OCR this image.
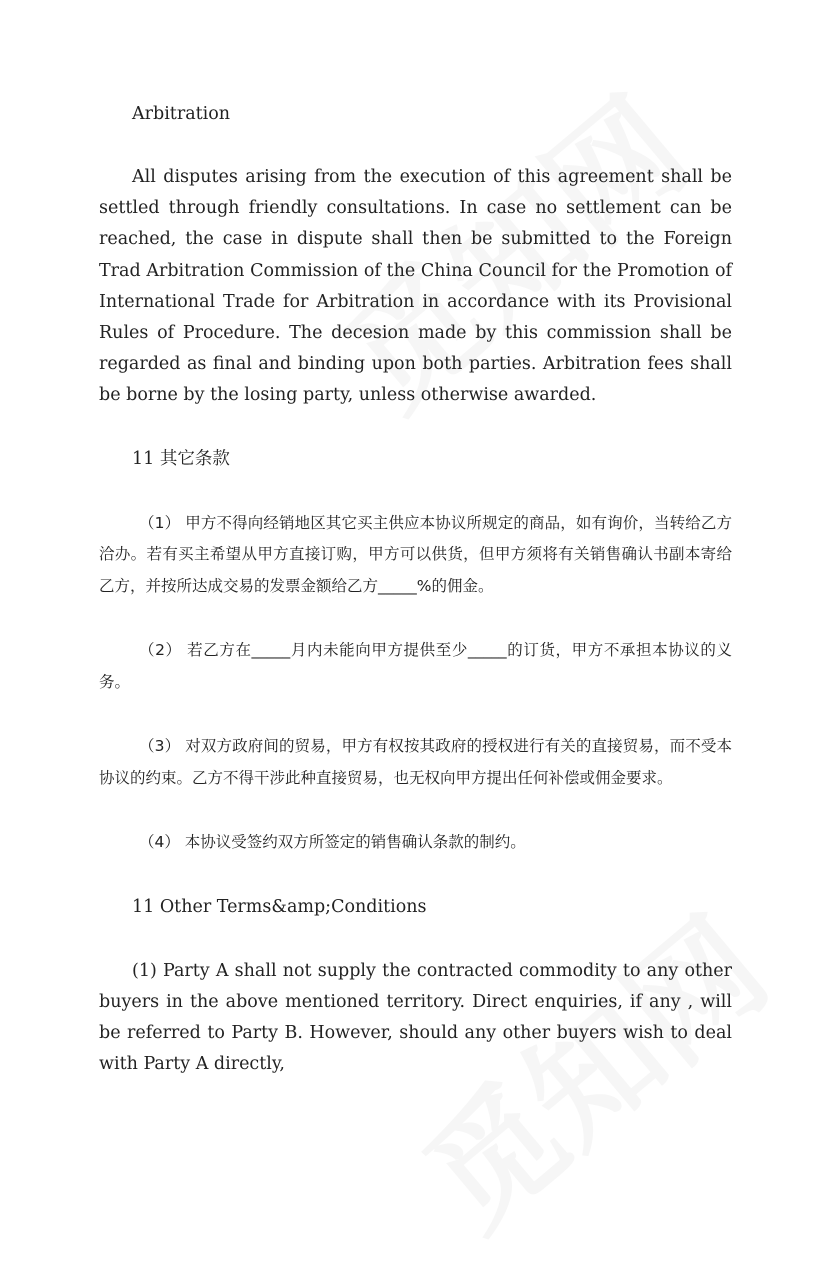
Arbitration

All disputes arising from the execution of this agreement shall be settled through friendly consultations. In case no settlement can be reached, the case in dispute shall then be submitted to the Foreign Trad Arbitration Commission of the China Council for the Promotion of International Trade for Arbitration in accordance with its Provisional Rules of Procedure. The decesion made by this commission shall be regarded as final and binding upon both parties. Arbitration fees shall be borne by the losing party, unless otherwise awarded.

11 其它条款

（1） 甲方不得向经销地区其它买主供应本协议所规定的商品，如有询价，当转给乙方洽办。若有买主希望从甲方直接订购，甲方可以供货，但甲方须将有关销售确认书副本寄给乙方，并按所达成交易的发票金额给乙方_____%的佣金。

（2） 若乙方在_____月内未能向甲方提供至少_____的订货，甲方不承担本协议的义务。

（3） 对双方政府间的贸易，甲方有权按其政府的授权进行有关的直接贸易，而不受本协议的约束。乙方不得干涉此种直接贸易，也无权向甲方提出任何补偿或佣金要求。

（4） 本协议受签约双方所签定的销售确认条款的制约。

11 Other Terms&amp;Conditions

(1) Party A shall not supply the contracted commodity to any other buyers in the above mentioned territory. Direct enquiries, if any , will be referred to Party B. However, should any other buyers wish to deal with Party A directly,
